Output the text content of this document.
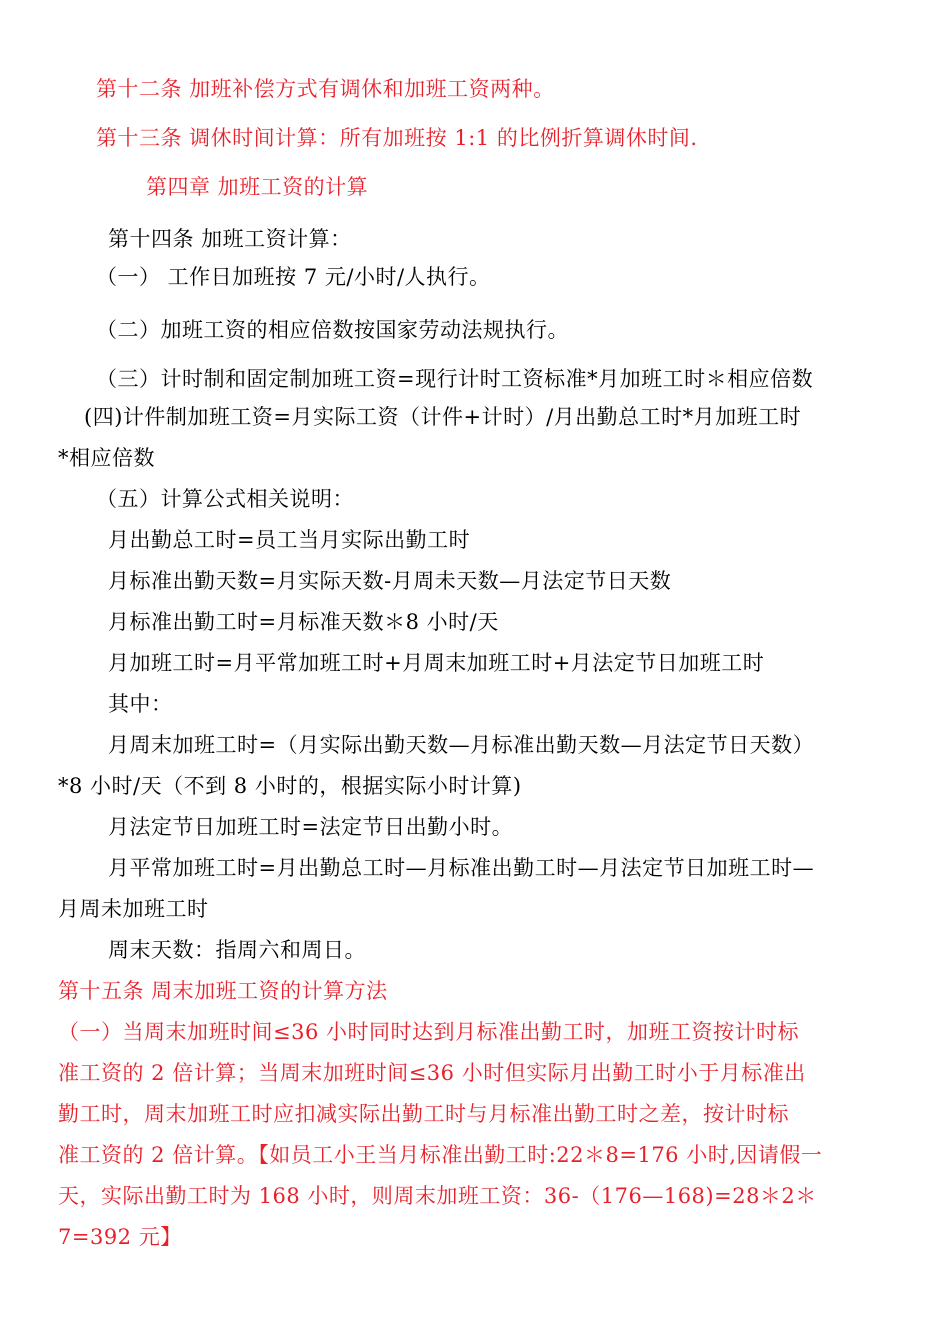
第十二条 加班补偿方式有调休和加班工资两种。
第十三条 调休时间计算：所有加班按 1:1 的比例折算调休时间.
第四章 加班工资的计算
第十四条 加班工资计算：
（一） 工作日加班按 7 元/小时/人执行。
（二）加班工资的相应倍数按国家劳动法规执行。
（三）计时制和固定制加班工资=现行计时工资标准*月加班工时＊相应倍数
(四)计件制加班工资=月实际工资（计件+计时）/月出勤总工时*月加班工时
*相应倍数
（五）计算公式相关说明：
月出勤总工时=员工当月实际出勤工时
月标准出勤天数=月实际天数-月周未天数—月法定节日天数
月标准出勤工时=月标准天数＊8 小时/天
月加班工时=月平常加班工时+月周末加班工时+月法定节日加班工时
其中：
月周末加班工时=（月实际出勤天数—月标准出勤天数—月法定节日天数）
*8 小时/天（不到 8 小时的，根据实际小时计算)
月法定节日加班工时=法定节日出勤小时。
月平常加班工时=月出勤总工时—月标准出勤工时—月法定节日加班工时—
月周未加班工时
周末天数：指周六和周日。
第十五条 周末加班工资的计算方法
（一）当周末加班时间≤36 小时同时达到月标准出勤工时，加班工资按计时标
准工资的 2 倍计算；当周末加班时间≤36 小时但实际月出勤工时小于月标准出
勤工时，周末加班工时应扣减实际出勤工时与月标准出勤工时之差，按计时标
准工资的 2 倍计算。【如员工小王当月标准出勤工时:22＊8=176 小时,因请假一
天，实际出勤工时为 168 小时，则周末加班工资：36-（176—168)=28＊2＊
7=392 元】
